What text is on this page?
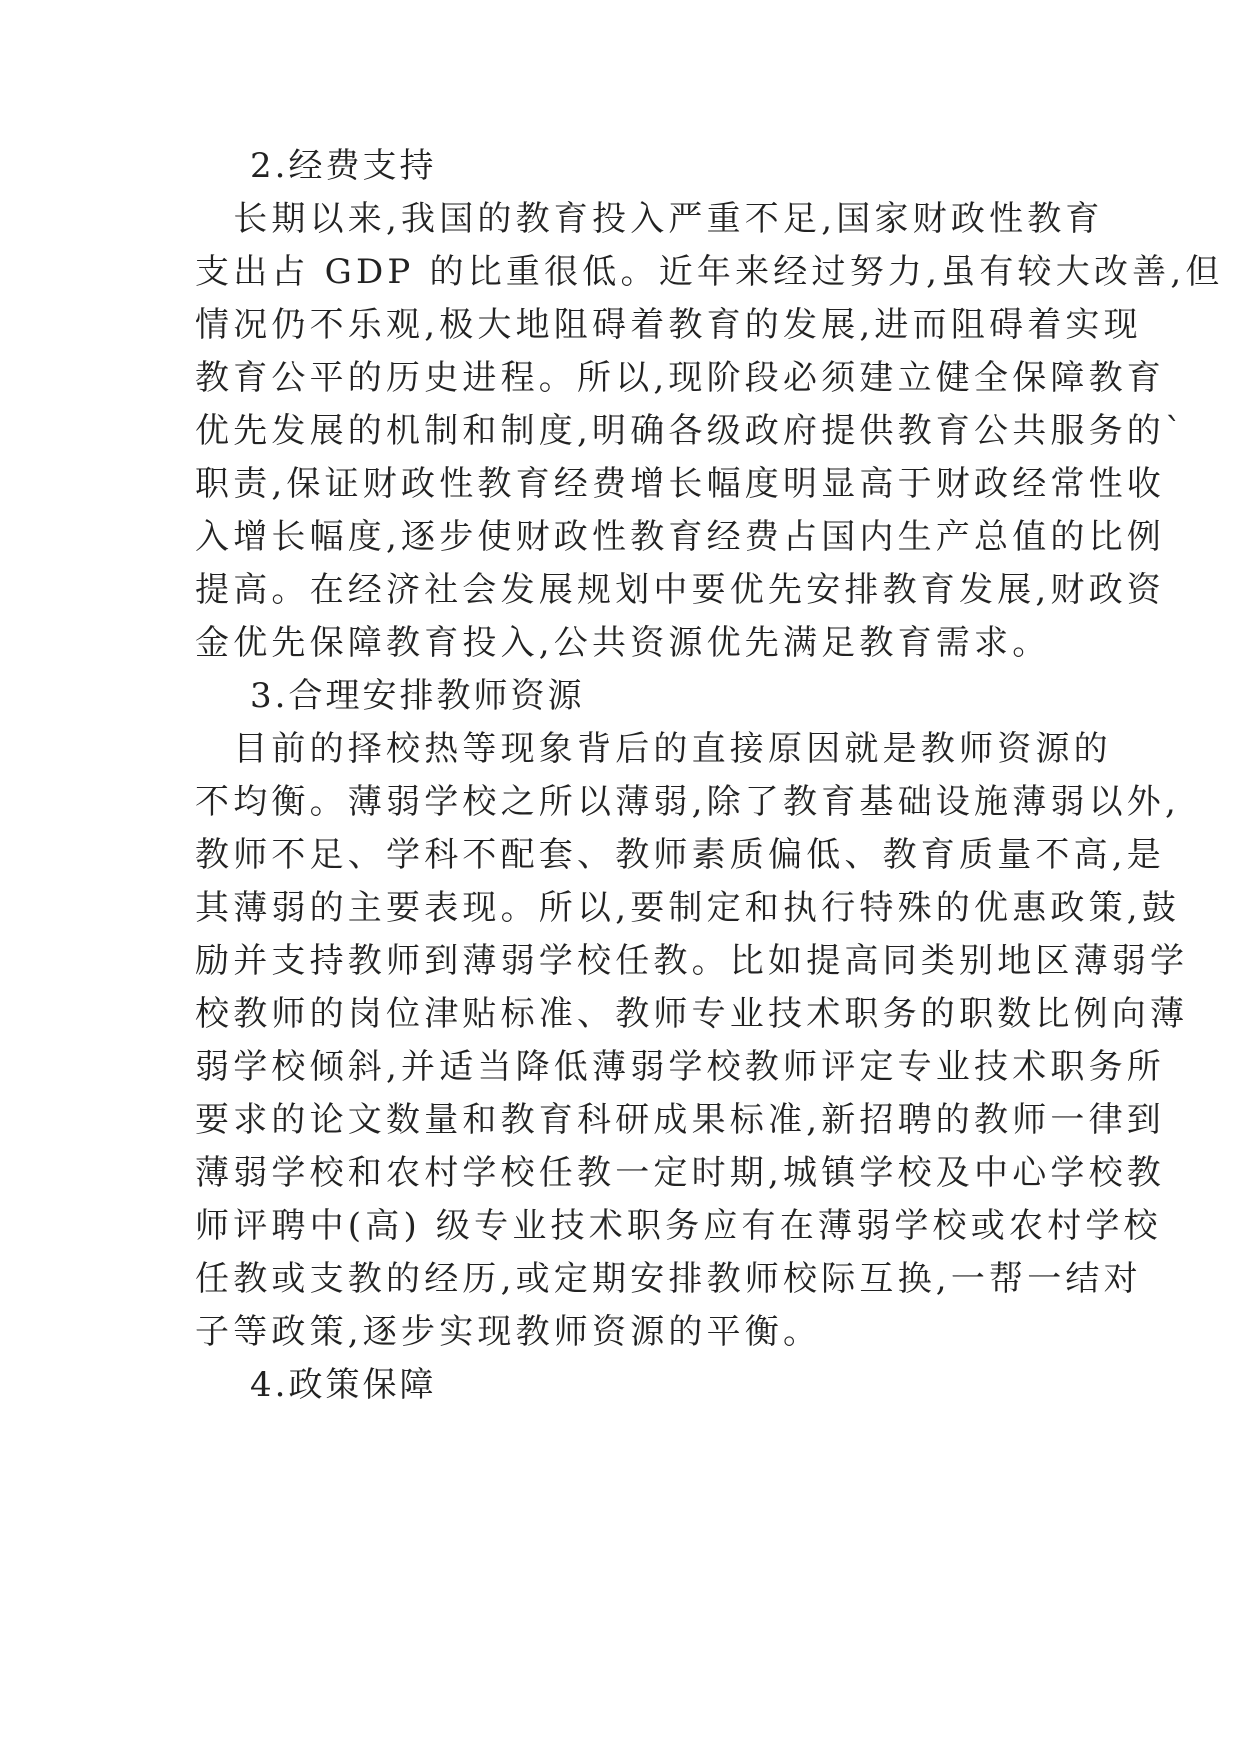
2.经费支持
　长期以来,我国的教育投入严重不足,国家财政性教育
支出占 GDP 的比重很低。近年来经过努力,虽有较大改善,但
情况仍不乐观,极大地阻碍着教育的发展,进而阻碍着实现
教育公平的历史进程。所以,现阶段必须建立健全保障教育
优先发展的机制和制度,明确各级政府提供教育公共服务的`
职责,保证财政性教育经费增长幅度明显高于财政经常性收
入增长幅度,逐步使财政性教育经费占国内生产总值的比例
提高。在经济社会发展规划中要优先安排教育发展,财政资
金优先保障教育投入,公共资源优先满足教育需求。
3.合理安排教师资源
　目前的择校热等现象背后的直接原因就是教师资源的
不均衡。薄弱学校之所以薄弱,除了教育基础设施薄弱以外,
教师不足、学科不配套、教师素质偏低、教育质量不高,是
其薄弱的主要表现。所以,要制定和执行特殊的优惠政策,鼓
励并支持教师到薄弱学校任教。比如提高同类别地区薄弱学
校教师的岗位津贴标准、教师专业技术职务的职数比例向薄
弱学校倾斜,并适当降低薄弱学校教师评定专业技术职务所
要求的论文数量和教育科研成果标准,新招聘的教师一律到
薄弱学校和农村学校任教一定时期,城镇学校及中心学校教
师评聘中(高) 级专业技术职务应有在薄弱学校或农村学校
任教或支教的经历,或定期安排教师校际互换,一帮一结对
子等政策,逐步实现教师资源的平衡。
4.政策保障
